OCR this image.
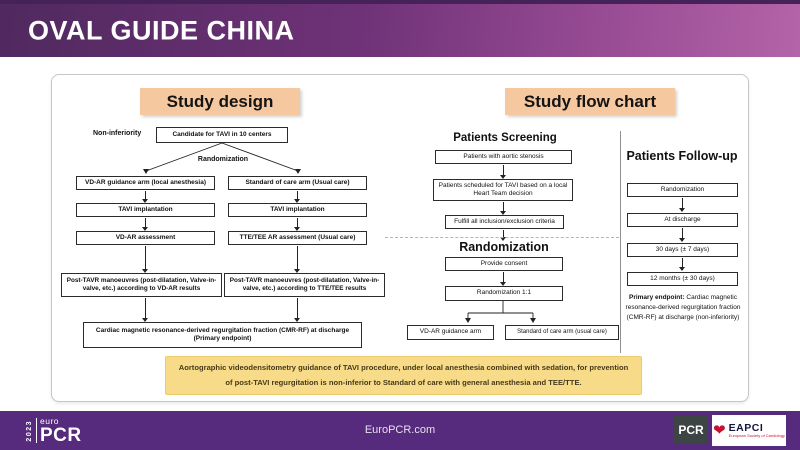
OVAL GUIDE CHINA
Study design
Non-inferiority	Candidate for TAVI in 10 centers
Randomization
VD-AR guidance arm (local anesthesia)
TAVI implantation
VD-AR assessment
Post-TAVR manoeuvres (post-dilatation, Valve-in-valve, etc.) according to VD-AR results
Standard of care arm (Usual care)
TAVI implantation
TTE/TEE AR assessment (Usual care)
Post-TAVR manoeuvres (post-dilatation, Valve-in-valve, etc.) according to TTE/TEE results
Cardiac magnetic resonance-derived regurgitation fraction (CMR-RF) at discharge (Primary endpoint)
Study flow chart
Patients Screening
Patients with aortic stenosis
Patients scheduled for TAVI based on a local Heart Team decision
Fulfill all inclusion/exclusion criteria
Randomization
Provide consent
Randomization 1:1
VD-AR guidance arm	Standard of care arm (usual care)
Patients Follow-up
Randomization
At discharge
30 days (± 7 days)
12 months (± 30 days)
Primary endpoint: Cardiac magnetic resonance-derived regurgitation fraction (CMR-RF) at discharge (non-inferiority)
Aortographic videodensitometry guidance of TAVI procedure, under local anesthesia combined with sedation, for prevention of post-TAVI regurgitation is non-inferior to Standard of care with general anesthesia and TEE/TTE.
2023 euro
PCR	EuroPCR.com	PCR ❤ EAPCI
European Society of Cardiology
